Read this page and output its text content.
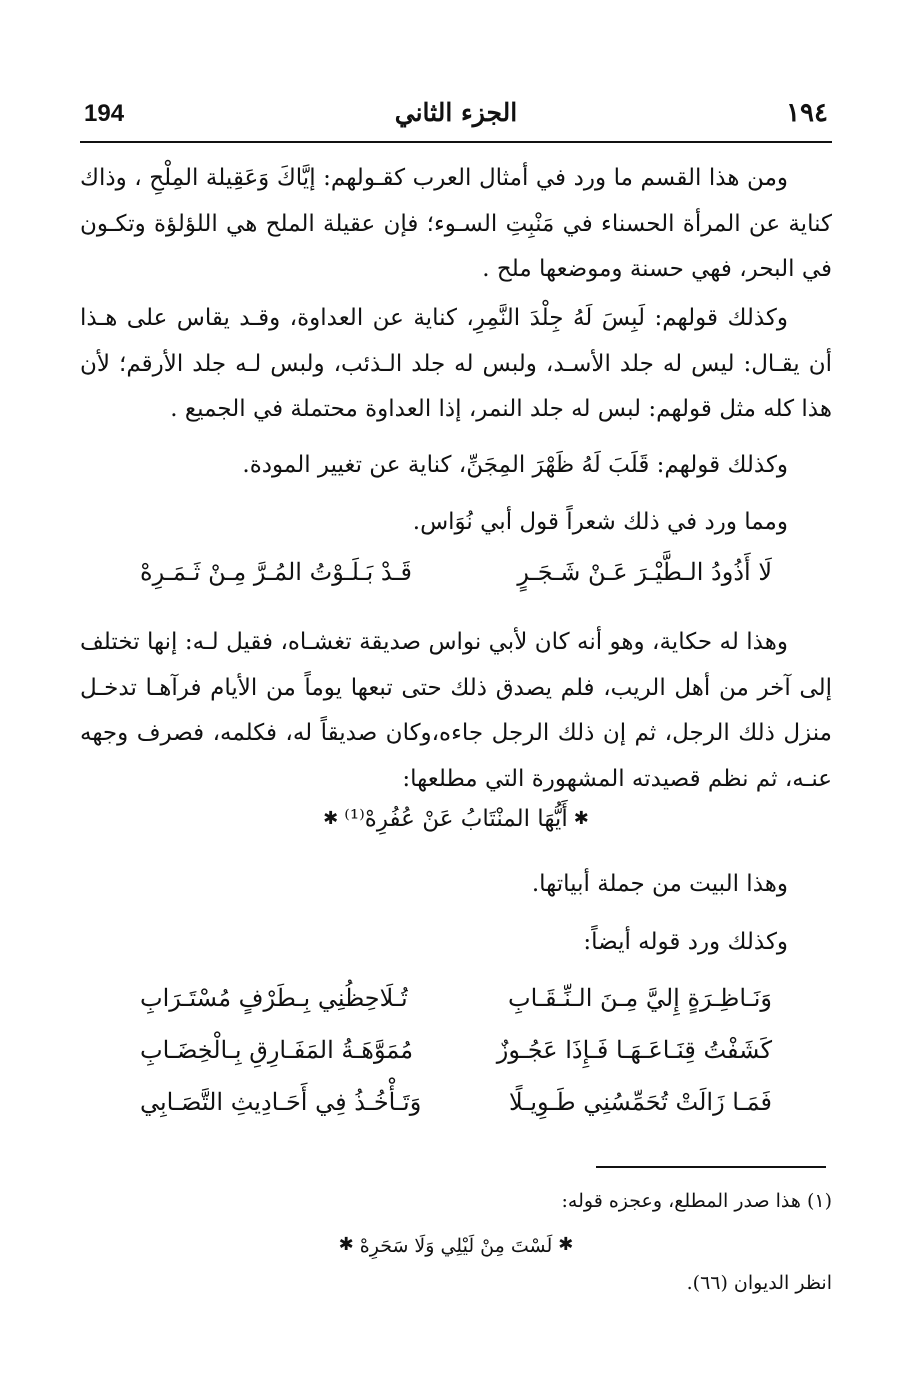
194	الجزء الثاني	١٩٤

ومن هذا القسم ما ورد في أمثال العرب كقـولهم: إيَّاكَ وَعَقِيلة المِلْحِ ، وذاك كناية عن المرأة الحسناء في مَنْبِتِ السـوء؛ فإن عقيلة الملح هي اللؤلؤة وتكـون في البحر، فهي حسنة وموضعها ملح .

وكذلك قولهم: لَبِسَ لَهُ جِلْدَ النَّمِرِ، كناية عن العداوة، وقـد يقاس على هـذا أن يقـال: ليس له جلد الأسـد، ولبس له جلد الـذئب، ولبس لـه جلد الأرقم؛ لأن هذا كله مثل قولهم: لبس له جلد النمر، إذا العداوة محتملة في الجميع .

وكذلك قولهم: قَلَبَ لَهُ ظَهْرَ المِجَنِّ، كناية عن تغيير المودة.

ومما ورد في ذلك شعراً قول أبي نُوَاس.

لَا أَذُودُ الـطَّيْـرَ عَـنْ شَـجَـرٍ
قَـدْ بَـلَـوْتُ المُـرَّ مِـنْ ثَـمَـرِهْ

وهذا له حكاية، وهو أنه كان لأبي نواس صديقة تغشـاه، فقيل لـه: إنها تختلف إلى آخر من أهل الريب، فلم يصدق ذلك حتى تبعها يوماً من الأيام فرآهـا تدخـل منزل ذلك الرجل، ثم إن ذلك الرجل جاءه،وكان صديقاً له، فكلمه، فصرف وجهه عنـه، ثم نظم قصيدته المشهورة التي مطلعها:

✱أَيُّهَا المنْتَابُ عَنْ عُفُرِهْ⁽¹⁾✱

وهذا البيت من جملة أبياتها.

وكذلك ورد قوله أيضاً:

وَنَـاظِـرَةٍ إِليَّ مِـنَ الـنِّـقَـابِ
تُـلَاحِظُنِي بِـطَرْفٍ مُسْتَـرَابِ
كَشَفْتُ قِنَـاعَـهَـا فَـإِذَا عَجُـوزٌ
مُمَوَّهَـةُ المَفَـارِقِ بِـالْخِضَـابِ
فَمَـا زَالَتْ تُحَمِّسُنِي طَـوِيـلًا
وَتَـأْخُـذُ فِي أَحَـادِيثِ التَّصَـابِي
(١) هذا صدر المطلع، وعجزه قوله:
✱لَسْتَ مِنْ لَيْلِي وَلَا سَحَرِهْ✱
انظر الديوان (٦٦).
